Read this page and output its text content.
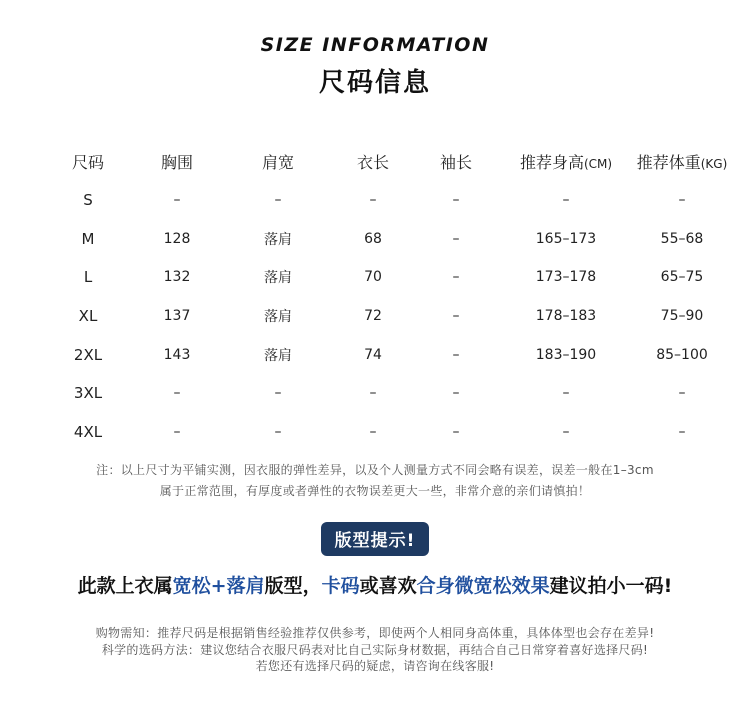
SIZE INFORMATION
尺码信息
尺码	胸围	肩宽	衣长	袖长	推荐身高(CM)	推荐体重(KG)
S	–	–	–	–	–	–
M	128	落肩	68	–	165–173	55–68
L	132	落肩	70	–	173–178	65–75
XL	137	落肩	72	–	178–183	75–90
2XL	143	落肩	74	–	183–190	85–100
3XL	–	–	–	–	–	–
4XL	–	–	–	–	–	–
注：以上尺寸为平铺实测，因衣服的弹性差异，以及个人测量方式不同会略有误差，误差一般在1–3cm
属于正常范围，有厚度或者弹性的衣物误差更大一些，非常介意的亲们请慎拍！
版型提示!
此款上衣属宽松+落肩版型，卡码或喜欢合身微宽松效果建议拍小一码!
购物需知：推荐尺码是根据销售经验推荐仅供参考，即使两个人相同身高体重，具体体型也会存在差异!
科学的选码方法：建议您结合衣服尺码表对比自己实际身材数据，再结合自己日常穿着喜好选择尺码!
若您还有选择尺码的疑虑，请咨询在线客服!
